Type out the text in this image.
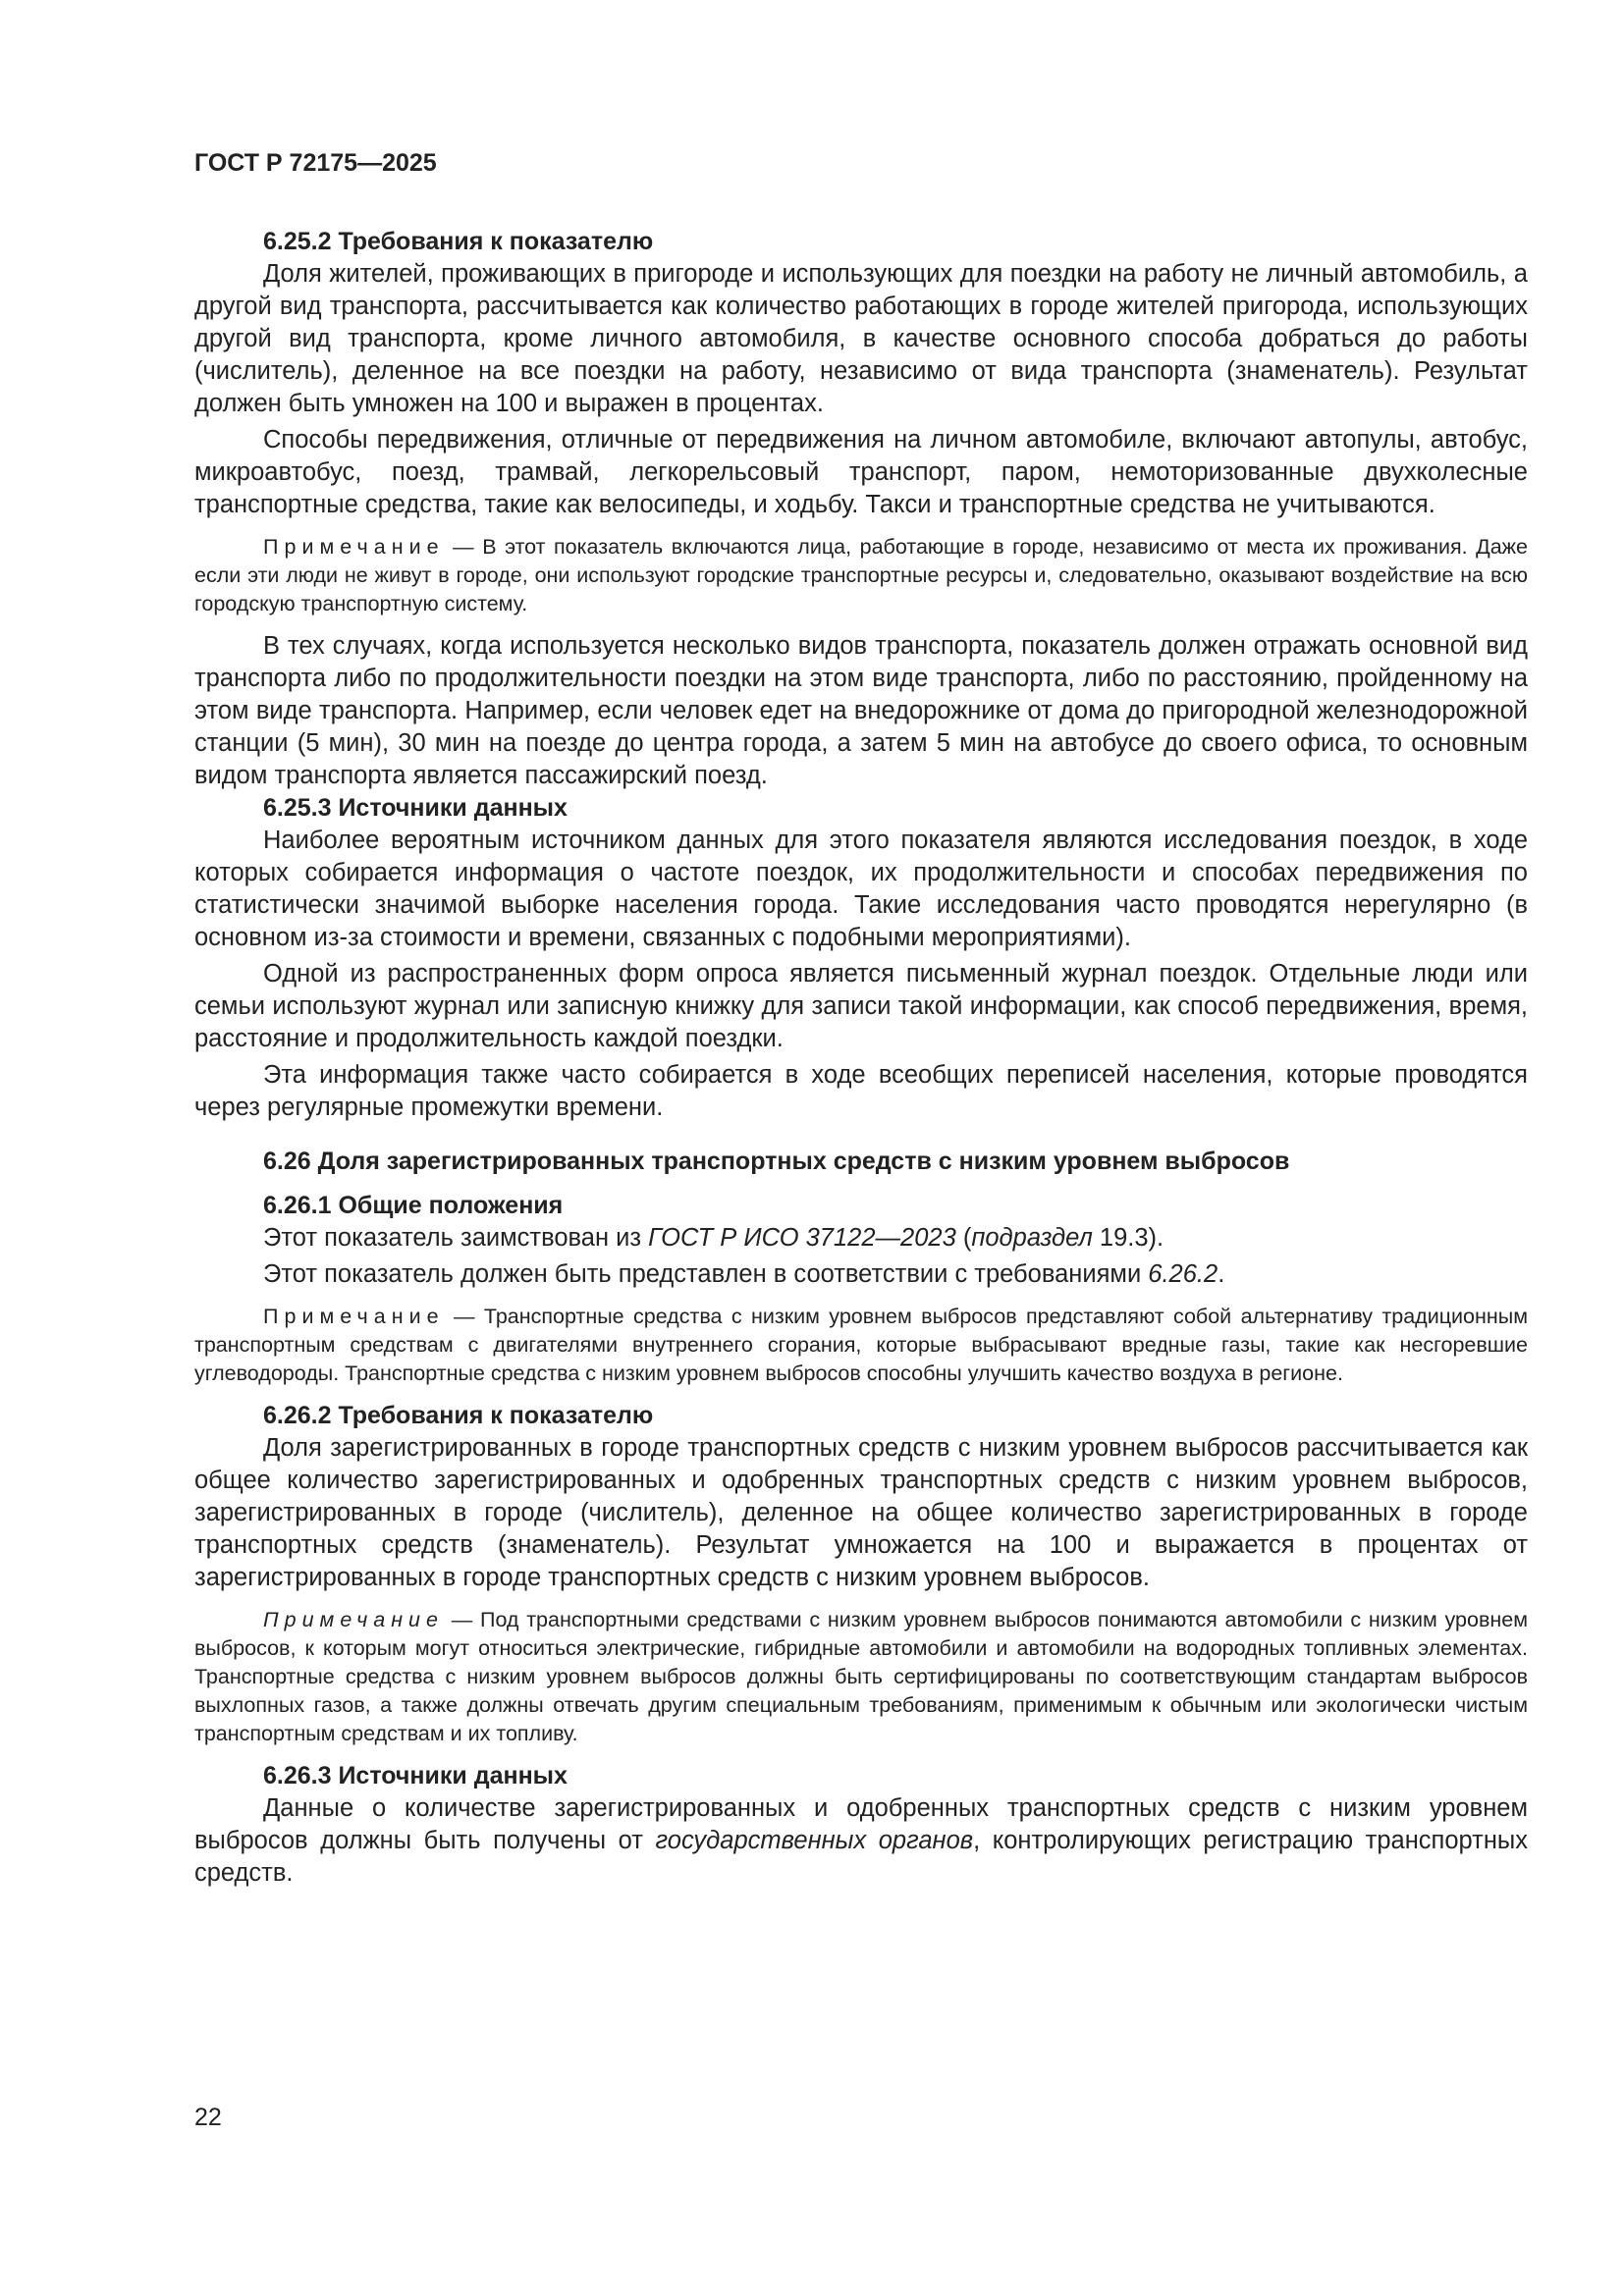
ГОСТ Р 72175—2025

6.25.2 Требования к показателю

Доля жителей, проживающих в пригороде и использующих для поездки на работу не личный автомобиль, а другой вид транспорта, рассчитывается как количество работающих в городе жителей пригорода, использующих другой вид транспорта, кроме личного автомобиля, в качестве основного способа добраться до работы (числитель), деленное на все поездки на работу, независимо от вида транспорта (знаменатель). Результат должен быть умножен на 100 и выражен в процентах.

Способы передвижения, отличные от передвижения на личном автомобиле, включают автопулы, автобус, микроавтобус, поезд, трамвай, легкорельсовый транспорт, паром, немоторизованные двухколесные транспортные средства, такие как велосипеды, и ходьбу. Такси и транспортные средства не учитываются.

Примечание — В этот показатель включаются лица, работающие в городе, независимо от места их проживания. Даже если эти люди не живут в городе, они используют городские транспортные ресурсы и, следовательно, оказывают воздействие на всю городскую транспортную систему.

В тех случаях, когда используется несколько видов транспорта, показатель должен отражать основной вид транспорта либо по продолжительности поездки на этом виде транспорта, либо по расстоянию, пройденному на этом виде транспорта. Например, если человек едет на внедорожнике от дома до пригородной железнодорожной станции (5 мин), 30 мин на поезде до центра города, а затем 5 мин на автобусе до своего офиса, то основным видом транспорта является пассажирский поезд.

6.25.3 Источники данных

Наиболее вероятным источником данных для этого показателя являются исследования поездок, в ходе которых собирается информация о частоте поездок, их продолжительности и способах передвижения по статистически значимой выборке населения города. Такие исследования часто проводятся нерегулярно (в основном из-за стоимости и времени, связанных с подобными мероприятиями).

Одной из распространенных форм опроса является письменный журнал поездок. Отдельные люди или семьи используют журнал или записную книжку для записи такой информации, как способ передвижения, время, расстояние и продолжительность каждой поездки.

Эта информация также часто собирается в ходе всеобщих переписей населения, которые проводятся через регулярные промежутки времени.

6.26 Доля зарегистрированных транспортных средств с низким уровнем выбросов

6.26.1 Общие положения

Этот показатель заимствован из ГОСТ Р ИСО 37122—2023 (подраздел 19.3).

Этот показатель должен быть представлен в соответствии с требованиями 6.26.2.

Примечание — Транспортные средства с низким уровнем выбросов представляют собой альтернативу традиционным транспортным средствам с двигателями внутреннего сгорания, которые выбрасывают вредные газы, такие как несгоревшие углеводороды. Транспортные средства с низким уровнем выбросов способны улучшить качество воздуха в регионе.

6.26.2 Требования к показателю

Доля зарегистрированных в городе транспортных средств с низким уровнем выбросов рассчитывается как общее количество зарегистрированных и одобренных транспортных средств с низким уровнем выбросов, зарегистрированных в городе (числитель), деленное на общее количество зарегистрированных в городе транспортных средств (знаменатель). Результат умножается на 100 и выражается в процентах от зарегистрированных в городе транспортных средств с низким уровнем выбросов.

Примечание — Под транспортными средствами с низким уровнем выбросов понимаются автомобили с низким уровнем выбросов, к которым могут относиться электрические, гибридные автомобили и автомобили на водородных топливных элементах. Транспортные средства с низким уровнем выбросов должны быть сертифицированы по соответствующим стандартам выбросов выхлопных газов, а также должны отвечать другим специальным требованиям, применимым к обычным или экологически чистым транспортным средствам и их топливу.

6.26.3 Источники данных

Данные о количестве зарегистрированных и одобренных транспортных средств с низким уровнем выбросов должны быть получены от государственных органов, контролирующих регистрацию транспортных средств.

22
